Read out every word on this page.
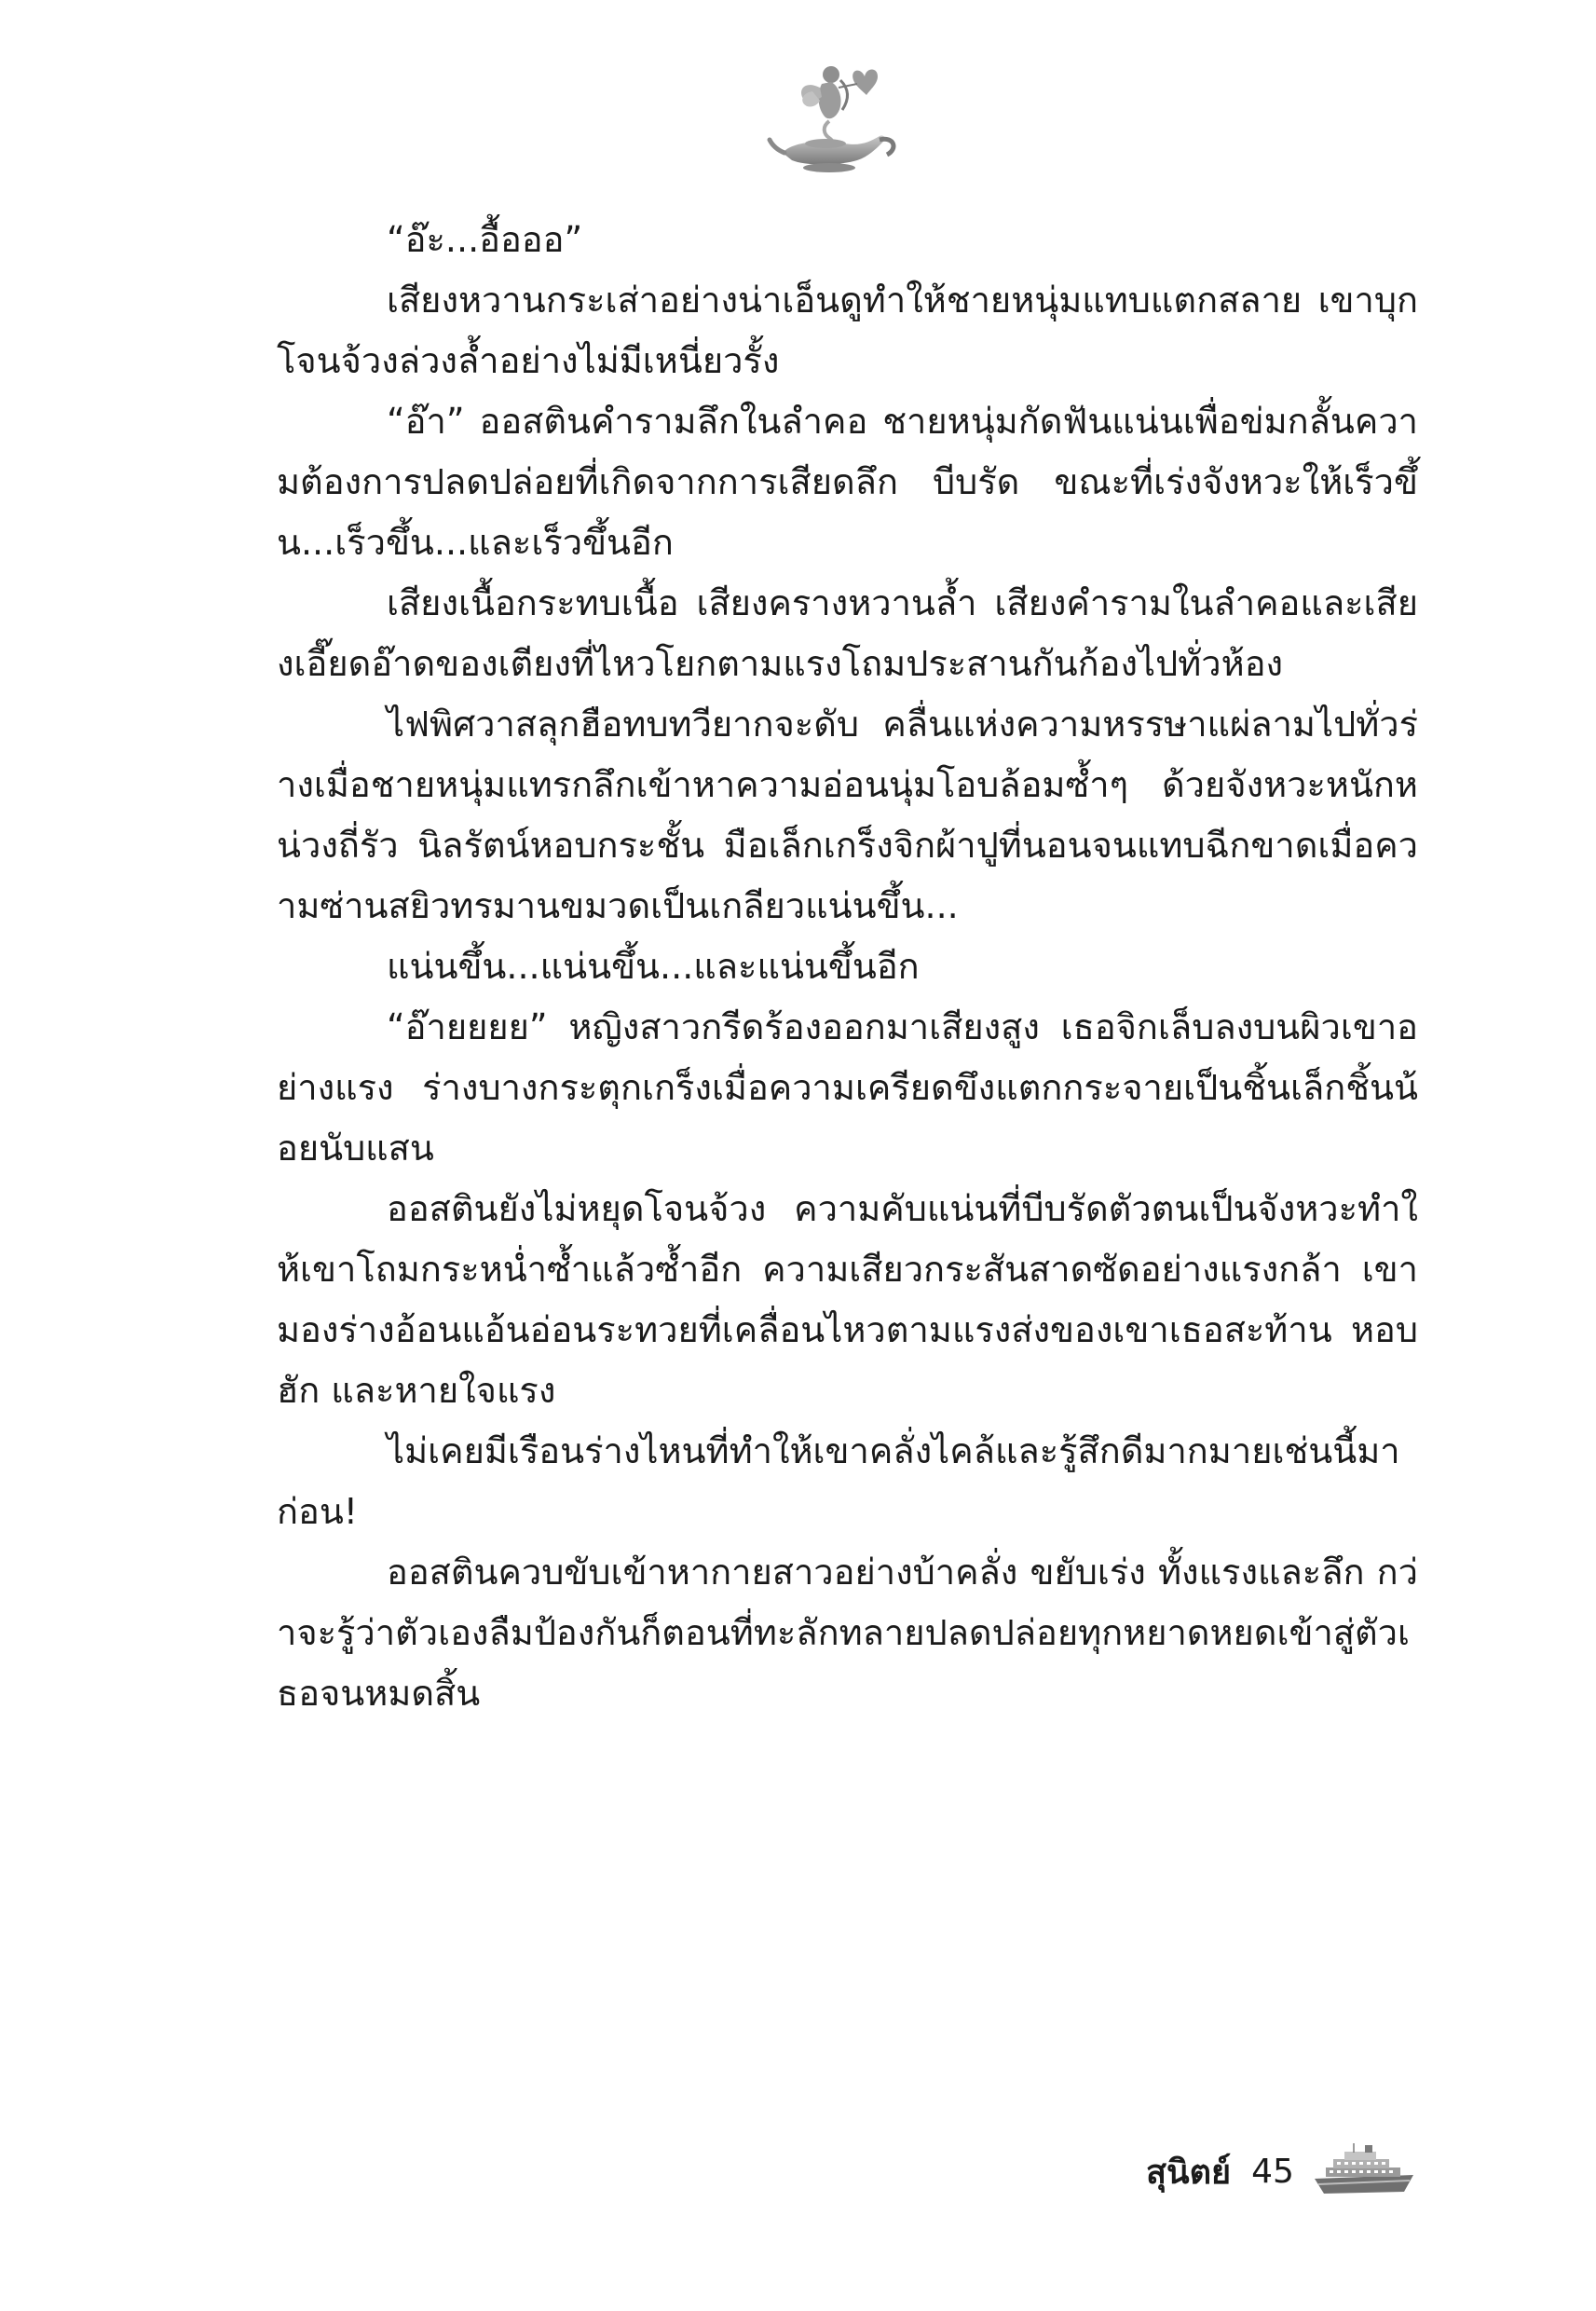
“อ๊ะ...อื้อออ”

เสียงหวานกระเส่าอย่างน่าเอ็นดูทำให้ชายหนุ่มแทบแตกสลาย เขาบุกโจนจ้วงล่วงล้ำอย่างไม่มีเหนี่ยวรั้ง

“อ๊า” ออสตินคำรามลึกในลำคอ ชายหนุ่มกัดฟันแน่นเพื่อข่มกลั้นความต้องการปลดปล่อยที่เกิดจากการเสียดลึก บีบรัด ขณะที่เร่งจังหวะให้เร็วขึ้น...เร็วขึ้น...และเร็วขึ้นอีก

เสียงเนื้อกระทบเนื้อ เสียงครางหวานล้ำ เสียงคำรามในลำคอและเสียงเอี๊ยดอ๊าดของเตียงที่ไหวโยกตามแรงโถมประสานกันก้องไปทั่วห้อง

ไฟพิศวาสลุกฮือทบทวียากจะดับ คลื่นแห่งความหรรษาแผ่ลามไปทั่วร่างเมื่อชายหนุ่มแทรกลึกเข้าหาความอ่อนนุ่มโอบล้อมซ้ำๆ ด้วยจังหวะหนักหน่วงถี่รัว นิลรัตน์หอบกระชั้น มือเล็กเกร็งจิกผ้าปูที่นอนจนแทบฉีกขาดเมื่อความซ่านสยิวทรมานขมวดเป็นเกลียวแน่นขึ้น...

แน่นขึ้น...แน่นขึ้น...และแน่นขึ้นอีก

“อ๊ายยยย” หญิงสาวกรีดร้องออกมาเสียงสูง เธอจิกเล็บลงบนผิวเขาอย่างแรง ร่างบางกระตุกเกร็งเมื่อความเครียดขึงแตกกระจายเป็นชิ้นเล็กชิ้นน้อยนับแสน

ออสตินยังไม่หยุดโจนจ้วง ความคับแน่นที่บีบรัดตัวตนเป็นจังหวะทำให้เขาโถมกระหน่ำซ้ำแล้วซ้ำอีก ความเสียวกระสันสาดซัดอย่างแรงกล้า เขามองร่างอ้อนแอ้นอ่อนระทวยที่เคลื่อนไหวตามแรงส่งของเขาเธอสะท้าน หอบฮัก และหายใจแรง

ไม่เคยมีเรือนร่างไหนที่ทำให้เขาคลั่งไคล้และรู้สึกดีมากมายเช่นนี้มาก่อน!

ออสตินควบขับเข้าหากายสาวอย่างบ้าคลั่ง ขยับเร่ง ทั้งแรงและลึก กว่าจะรู้ว่าตัวเองลืมป้องกันก็ตอนที่ทะลักทลายปลดปล่อยทุกหยาดหยดเข้าสู่ตัวเธอจนหมดสิ้น

สุนิตย์ 45
